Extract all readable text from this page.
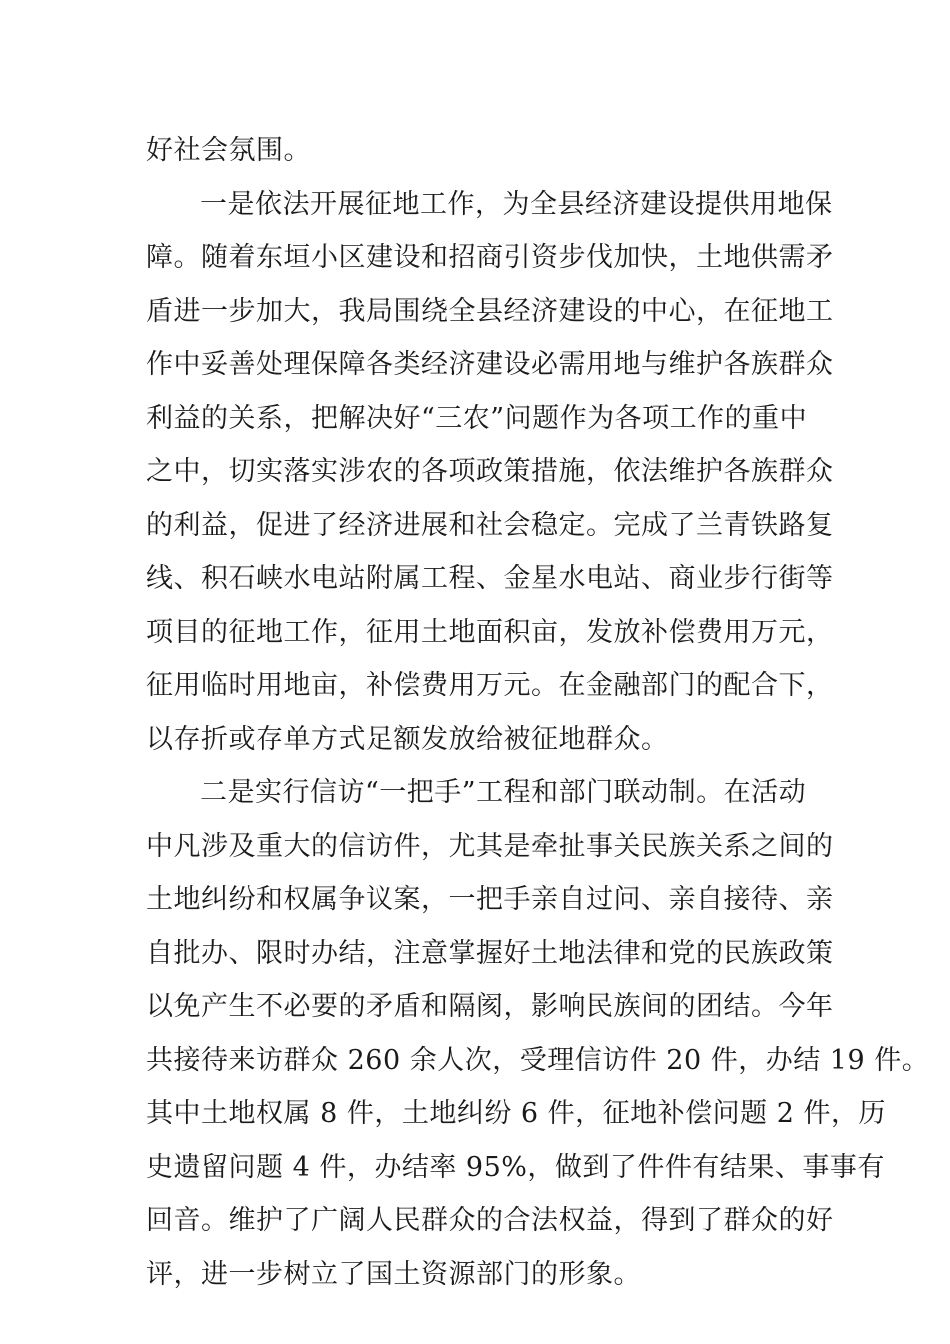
好社会氛围。
一是依法开展征地工作，为全县经济建设提供用地保
障。随着东垣小区建设和招商引资步伐加快，土地供需矛
盾进一步加大，我局围绕全县经济建设的中心，在征地工
作中妥善处理保障各类经济建设必需用地与维护各族群众
利益的关系，把解决好“三农”问题作为各项工作的重中
之中，切实落实涉农的各项政策措施，依法维护各族群众
的利益，促进了经济进展和社会稳定。完成了兰青铁路复
线、积石峡水电站附属工程、金星水电站、商业步行街等
项目的征地工作，征用土地面积亩，发放补偿费用万元，
征用临时用地亩，补偿费用万元。在金融部门的配合下，
以存折或存单方式足额发放给被征地群众。
二是实行信访“一把手”工程和部门联动制。在活动
中凡涉及重大的信访件，尤其是牵扯事关民族关系之间的
土地纠纷和权属争议案，一把手亲自过问、亲自接待、亲
自批办、限时办结，注意掌握好土地法律和党的民族政策
以免产生不必要的矛盾和隔阂，影响民族间的团结。今年
共接待来访群众 260 余人次，受理信访件 20 件，办结 19 件。
其中土地权属 8 件，土地纠纷 6 件，征地补偿问题 2 件，历
史遗留问题 4 件，办结率 95%，做到了件件有结果、事事有
回音。维护了广阔人民群众的合法权益，得到了群众的好
评，进一步树立了国土资源部门的形象。
